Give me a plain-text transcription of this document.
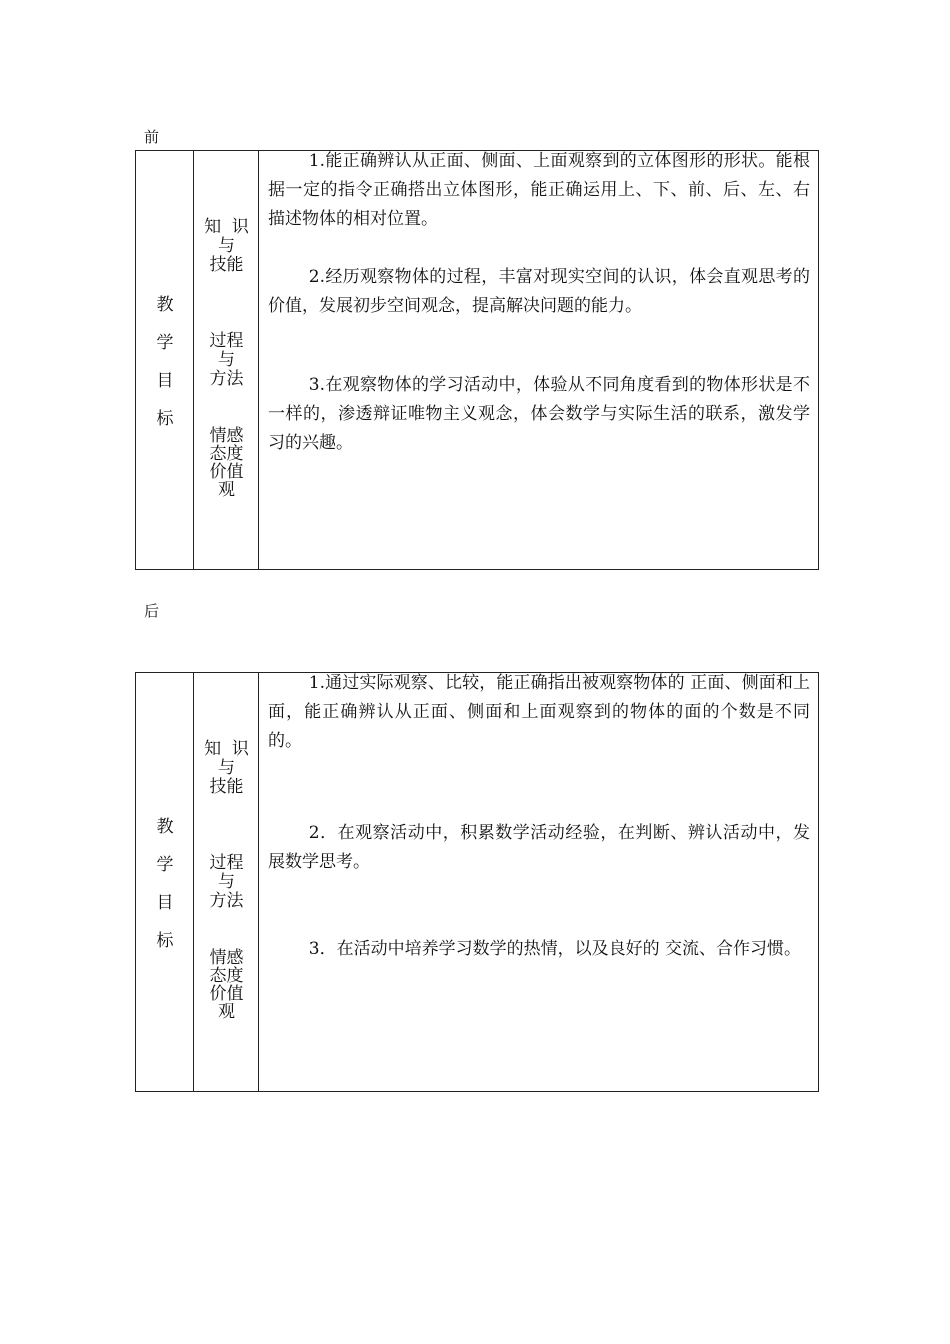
前
教
学
目
标
知  识
与
技能
过程
与
方法
情感
态度
价值
观

1.能正确辨认从正面、侧面、上面观察到的立体图形的形状。能根据一定的指令正确搭出立体图形，能正确运用上、下、前、后、左、右描述物体的相对位置。

2.经历观察物体的过程，丰富对现实空间的认识，体会直观思考的价值，发展初步空间观念，提高解决问题的能力。

3.在观察物体的学习活动中，体验从不同角度看到的物体形状是不一样的，渗透辩证唯物主义观念，体会数学与实际生活的联系，激发学习的兴趣。

后
教
学
目
标
知  识
与
技能
过程
与
方法
情感
态度
价值
观

1.通过实际观察、比较，能正确指出被观察物体的 正面、侧面和上面，能正确辨认从正面、侧面和上面观察到的物体的面的个数是不同的。

2．在观察活动中，积累数学活动经验，在判断、辨认活动中，发展数学思考。

3．在活动中培养学习数学的热情，以及良好的 交流、合作习惯。
